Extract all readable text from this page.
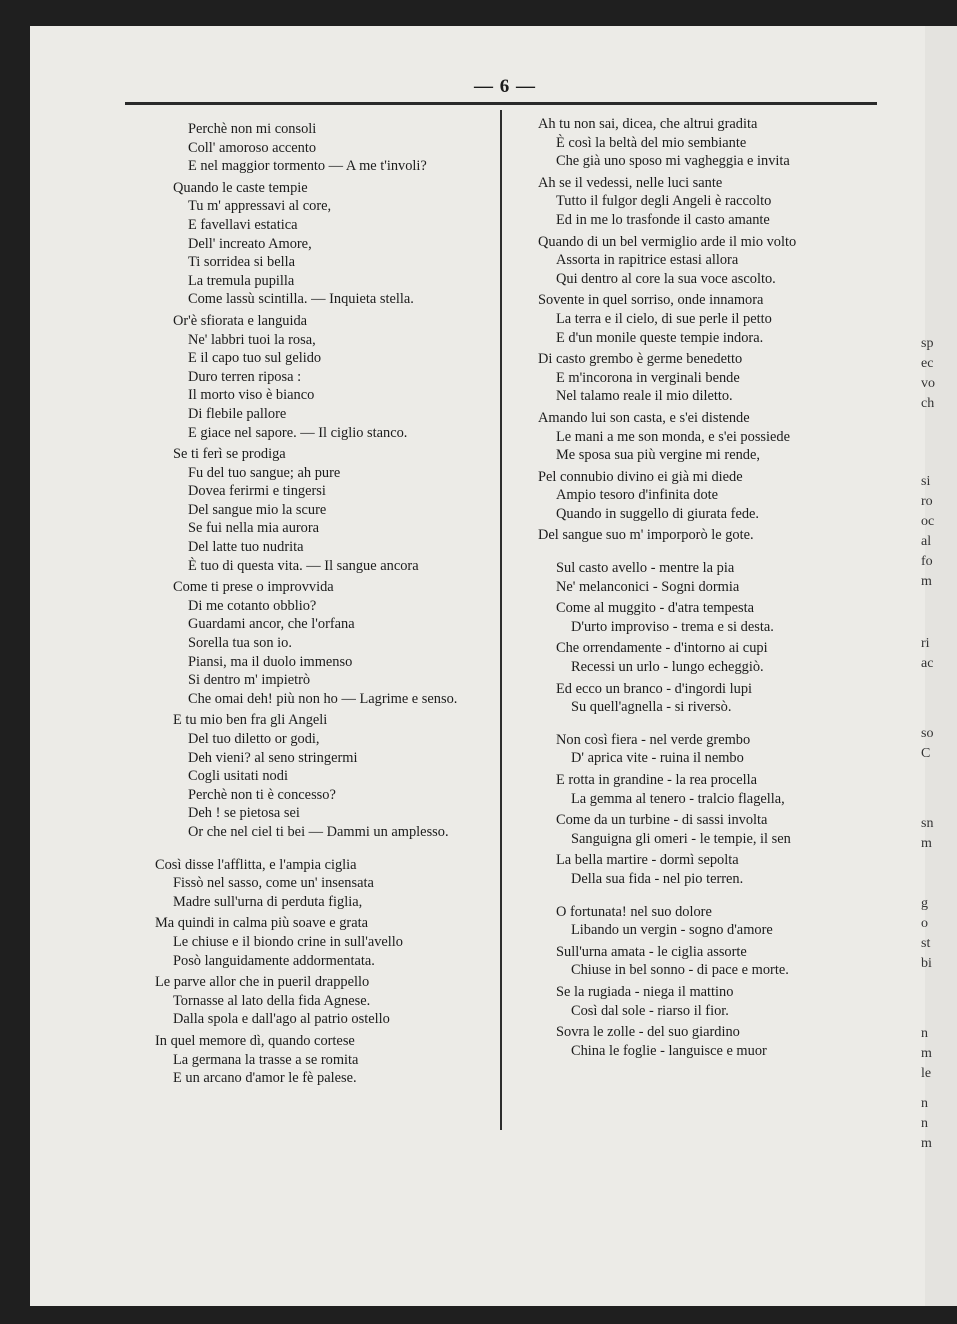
— 6 —
Perchè non mi consoli
Coll' amoroso accento
E nel maggior tormento — A me t'involi?
Quando le caste tempie
Tu m' appressavi al core,
E favellavi estatica
Dell' increato Amore,
Ti sorridea si bella
La tremula pupilla
Come lassù scintilla. — Inquieta stella.
Or'è sfiorata e languida
Ne' labbri tuoi la rosa,
E il capo tuo sul gelido
Duro terren riposa :
Il morto viso è bianco
Di flebile pallore
E giace nel sapore. — Il ciglio stanco.
Se ti ferì se prodiga
Fu del tuo sangue; ah pure
Dovea ferirmi e tingersi
Del sangue mio la scure
Se fui nella mia aurora
Del latte tuo nudrita
È tuo di questa vita. — Il sangue ancora
Come ti prese o improvvida
Di me cotanto obblio?
Guardami ancor, che l'orfana
Sorella tua son io.
Piansi, ma il duolo immenso
Si dentro m' impietrò
Che omai deh! più non ho — Lagrime e senso.
E tu mio ben fra gli Angeli
Del tuo diletto or godi,
Deh vieni? al seno stringermi
Cogli usitati nodi
Perchè non ti è concesso?
Deh ! se pietosa sei
Or che nel ciel ti bei — Dammi un amplesso.

Così disse l'afflitta, e l'ampia ciglia
Fissò nel sasso, come un' insensata
Madre sull'urna di perduta figlia,
Ma quindi in calma più soave e grata
Le chiuse e il biondo crine in sull'avello
Posò languidamente addormentata.
Le parve allor che in pueril drappello
Tornasse al lato della fida Agnese.
Dalla spola e dall'ago al patrio ostello
In quel memore dì, quando cortese
La germana la trasse a se romita
E un arcano d'amor le fè palese.
Ah tu non sai, dicea, che altrui gradita
È così la beltà del mio sembiante
Che già uno sposo mi vagheggia e invita
Ah se il vedessi, nelle luci sante
Tutto il fulgor degli Angeli è raccolto
Ed in me lo trasfonde il casto amante
Quando di un bel vermiglio arde il mio volto
Assorta in rapitrice estasi allora
Qui dentro al core la sua voce ascolto.
Sovente in quel sorriso, onde innamora
La terra e il cielo, di sue perle il petto
E d'un monile queste tempie indora.
Di casto grembo è germe benedetto
E m'incorona in verginali bende
Nel talamo reale il mio diletto.
Amando lui son casta, e s'ei distende
Le mani a me son monda, e s'ei possiede
Me sposa sua più vergine mi rende,
Pel connubio divino ei già mi diede
Ampio tesoro d'infinita dote
Quando in suggello di giurata fede.
Del sangue suo m' imporporò le gote.

Sul casto avello - mentre la pia
Ne' melanconici - Sogni dormia
Come al muggito - d'atra tempesta
D'urto improviso - trema e si desta.
Che orrendamente - d'intorno ai cupi
Recessi un urlo - lungo echeggiò.
Ed ecco un branco - d'ingordi lupi
Su quell'agnella - si riversò.

Non così fiera - nel verde grembo
D' aprica vite - ruina il nembo
E rotta in grandine - la rea procella
La gemma al tenero - tralcio flagella,
Come da un turbine - di sassi involta
Sanguigna gli omeri - le tempie, il sen
La bella martire - dormì sepolta
Della sua fida - nel pio terren.

O fortunata! nel suo dolore
Libando un vergin - sogno d'amore
Sull'urna amata - le ciglia assorte
Chiuse in bel sonno - di pace e morte.
Se la rugiada - niega il mattino
Così dal sole - riarso il fior.
Sovra le zolle - del suo giardino
China le foglie - languisce e muor
sp
ec
vo
ch
si
ro
oc
al
fo
m
ri
ac
so
C
sn
m
g
o
st
bi
n
m
le
n
n
m
